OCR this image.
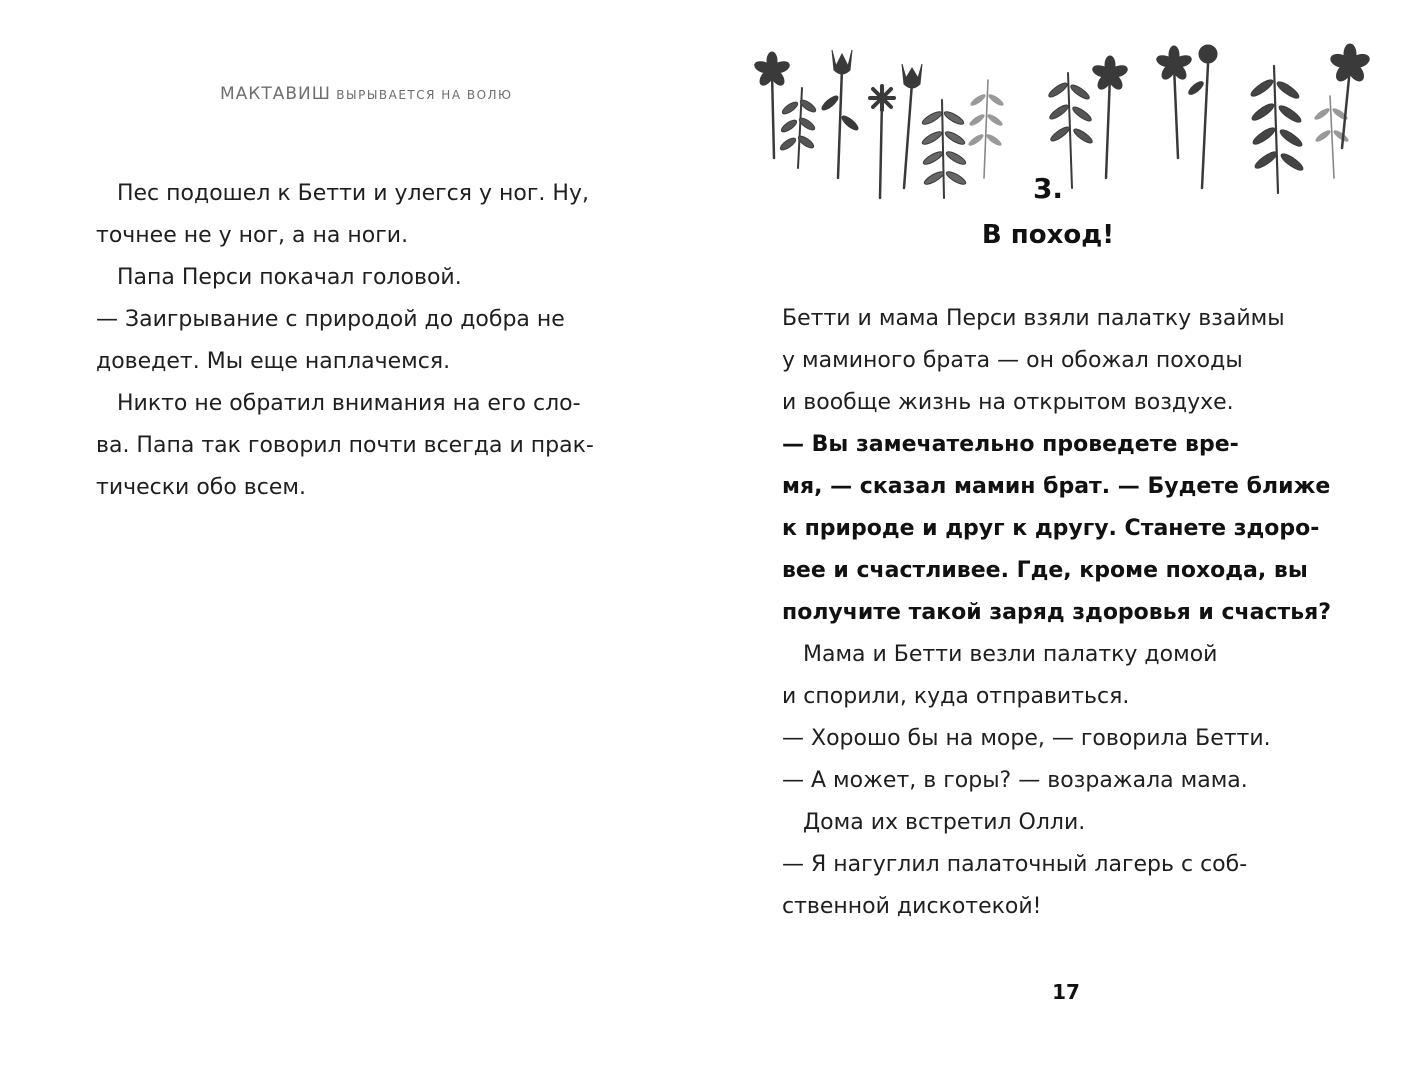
МАКТАВИШ ВЫРЫВАЕТСЯ НА ВОЛЮ
Пес подошел к Бетти и улегся у ног. Ну,
точнее не у ног, а на ноги.
Папа Перси покачал головой.
— Заигрывание с природой до добра не
доведет. Мы еще наплачемся.
Никто не обратил внимания на его сло-
ва. Папа так говорил почти всегда и прак-
тически обо всем.
3.
В поход!
Бетти и мама Перси взяли палатку взаймы
у маминого брата — он обожал походы
и вообще жизнь на открытом воздухе.
— Вы замечательно проведете вре-
мя, — сказал мамин брат. — Будете ближе
к природе и друг к другу. Станете здоро-
вее и счастливее. Где, кроме похода, вы
получите такой заряд здоровья и счастья?
Мама и Бетти везли палатку домой
и спорили, куда отправиться.
— Хорошо бы на море, — говорила Бетти.
— А может, в горы? — возражала мама.
Дома их встретил Олли.
— Я нагуглил палаточный лагерь с соб-
ственной дискотекой!
17
